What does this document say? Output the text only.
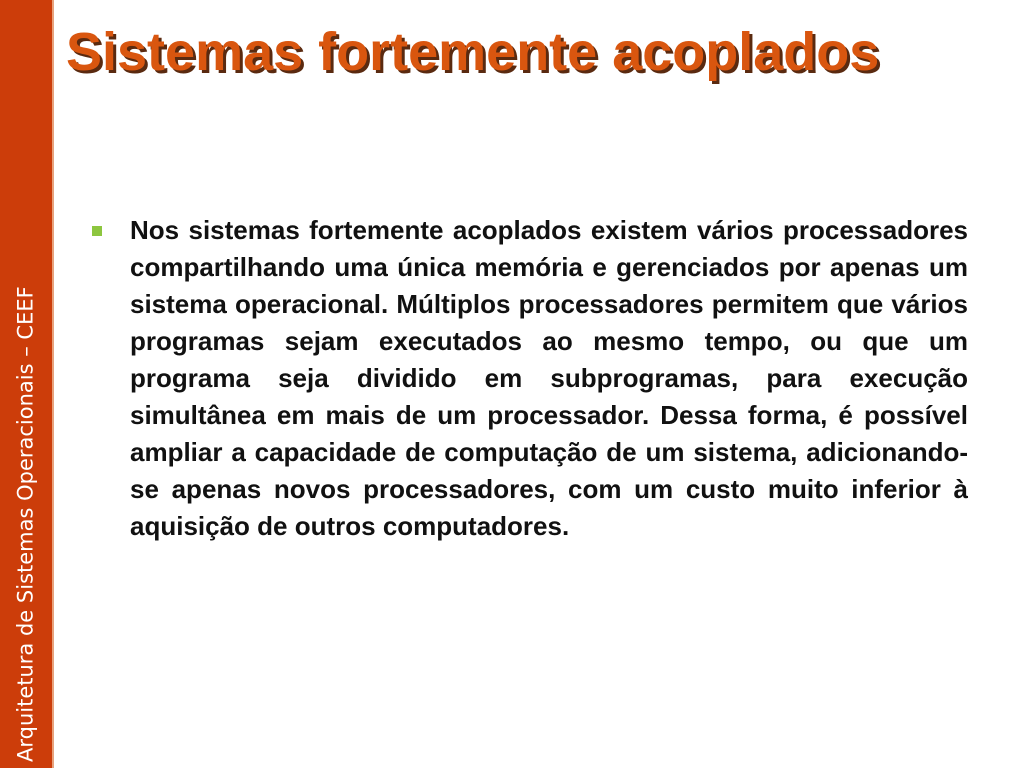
Arquitetura de Sistemas Operacionais – CEEF
Sistemas fortemente acoplados
Nos sistemas fortemente acoplados existem vários processadores compartilhando uma única memória e gerenciados por apenas um sistema operacional. Múltiplos processadores permitem que vários programas sejam executados ao mesmo tempo, ou que um programa seja dividido em subprogramas, para execução simultânea em mais de um processador. Dessa forma, é possível ampliar a capacidade de computação de um sistema, adicionando-se apenas novos processadores, com um custo muito inferior à aquisição de outros computadores.
